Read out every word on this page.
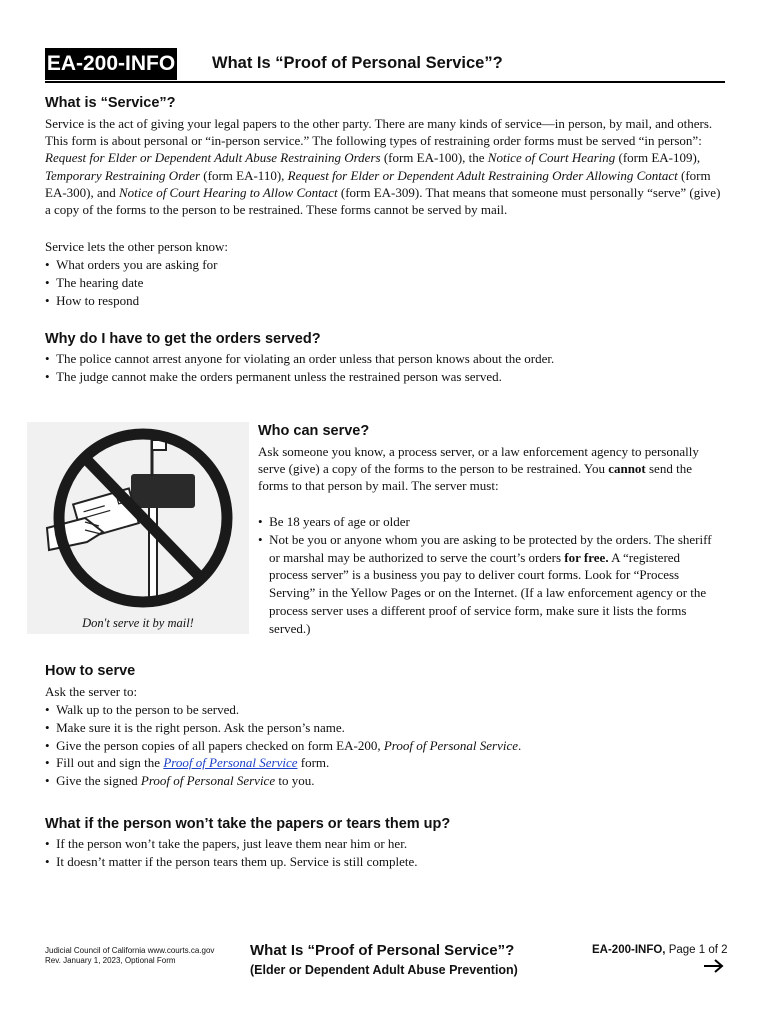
EA-200-INFO What Is “Proof of Personal Service”?
What is “Service”?

Service is the act of giving your legal papers to the other party. There are many kinds of service—in person, by mail, and others. This form is about personal or “in-person service.” The following types of restraining order forms must be served “in person”: Request for Elder or Dependent Adult Abuse Restraining Orders (form EA-100), the Notice of Court Hearing (form EA-109), Temporary Restraining Order (form EA-110), Request for Elder or Dependent Adult Restraining Order Allowing Contact (form EA-300), and Notice of Court Hearing to Allow Contact (form EA-309). That means that someone must personally “serve” (give) a copy of the forms to the person to be restrained. These forms cannot be served by mail.

Service lets the other person know:

•  What orders you are asking for
•  The hearing date
•  How to respond
Why do I have to get the orders served?
•  The police cannot arrest anyone for violating an order unless that person knows about the order.
•  The judge cannot make the orders permanent unless the restrained person was served.
Don't serve it by mail!
Who can serve?

Ask someone you know, a process server, or a law enforcement agency to personally serve (give) a copy of the forms to the person to be restrained. You cannot send the forms to that person by mail. The server must:

•  Be 18 years of age or older
•  Not be you or anyone whom you are asking to be protected by the orders. The sheriff or marshal may be authorized to serve the court’s orders for free. A “registered process server” is a business you pay to deliver court forms. Look for “Process Serving” in the Yellow Pages or on the Internet. (If a law enforcement agency or the process server uses a different proof of service form, make sure it lists the forms served.)
How to serve

Ask the server to:

•  Walk up to the person to be served.
•  Make sure it is the right person. Ask the person’s name.
•  Give the person copies of all papers checked on form EA-200, Proof of Personal Service.
•  Fill out and sign the Proof of Personal Service form.
•  Give the signed Proof of Personal Service to you.
What if the person won’t take the papers or tears them up?
•  If the person won’t take the papers, just leave them near him or her.
•  It doesn’t matter if the person tears them up. Service is still complete.
Judicial Council of California www.courts.ca.gov
Rev. January 1, 2023, Optional Form
What Is “Proof of Personal Service”?
(Elder or Dependent Adult Abuse Prevention)
EA-200-INFO, Page 1 of 2
